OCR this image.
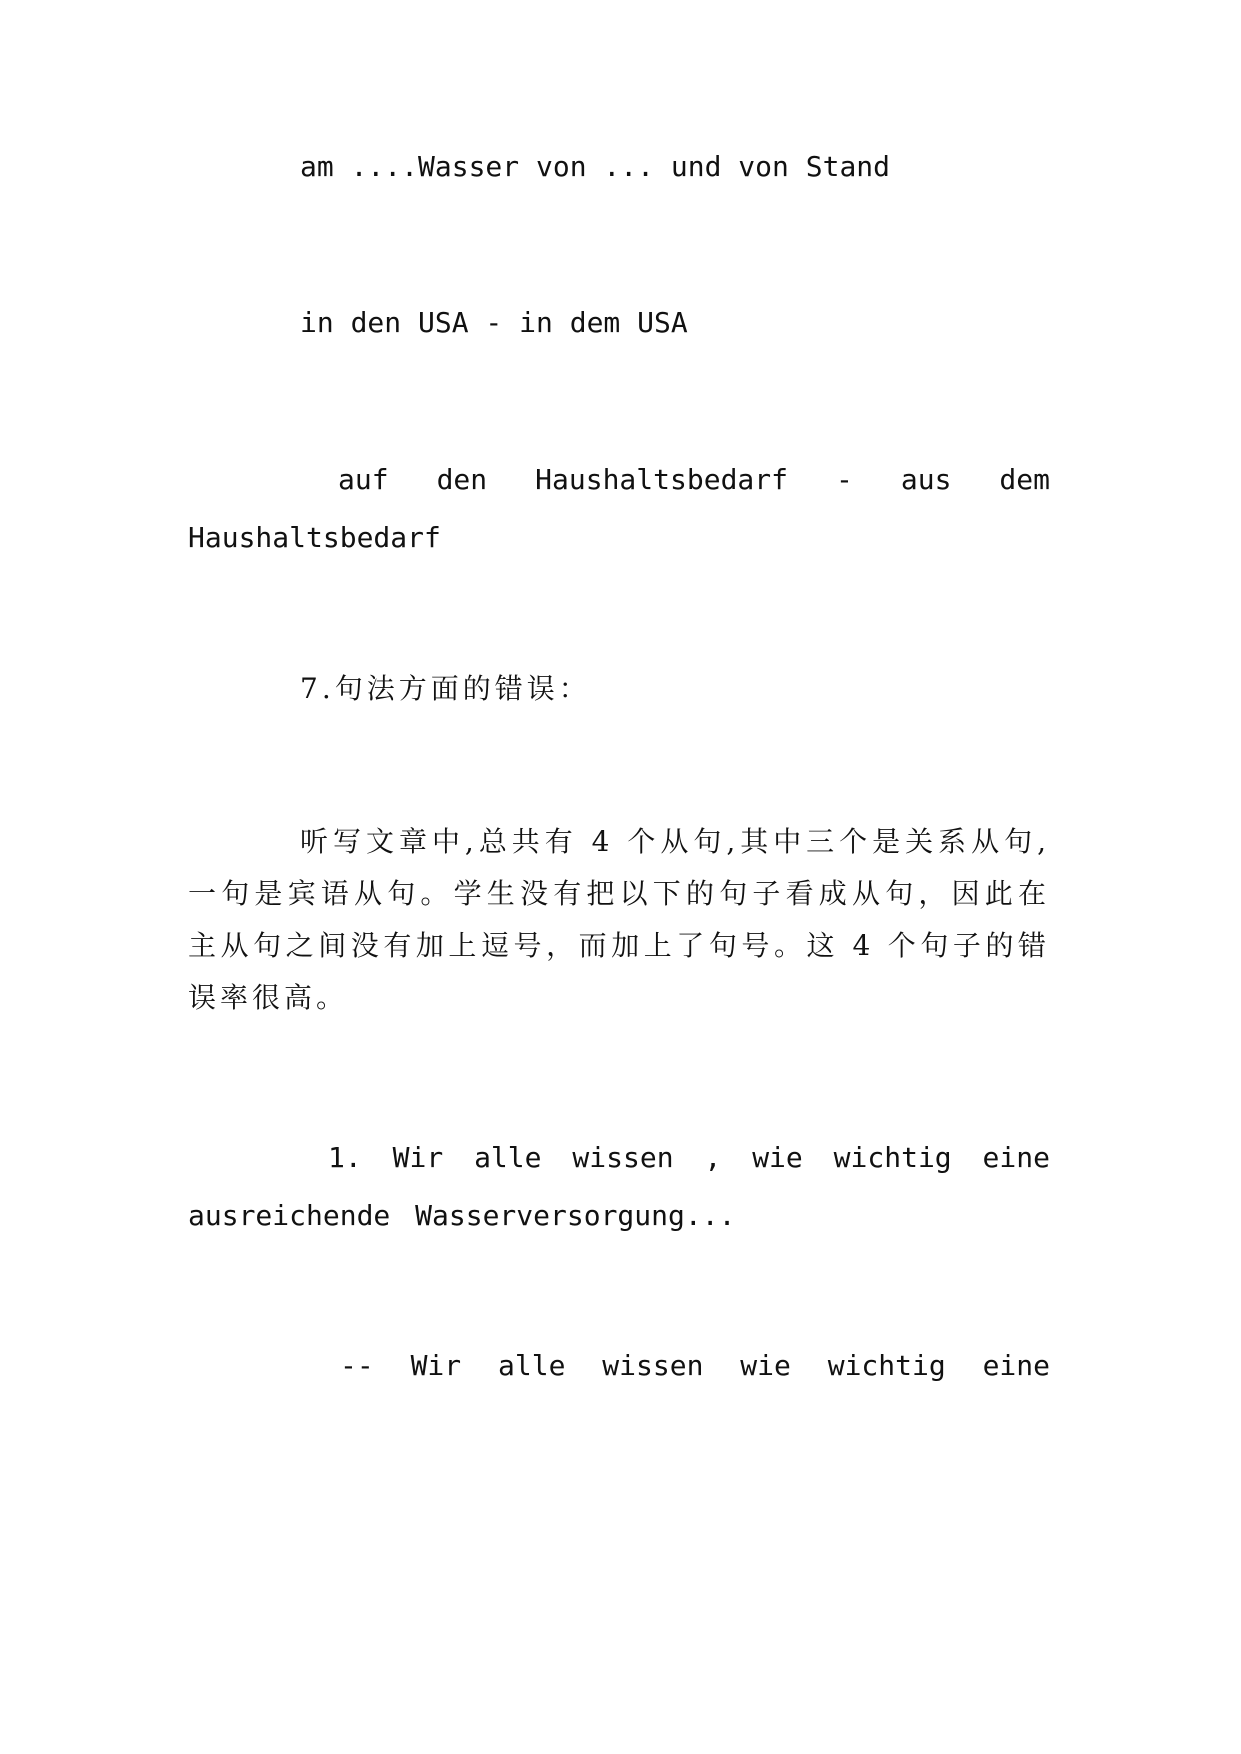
am ....Wasser von ... und von Stand

in den USA - in dem USA

auf den Haushaltsbedarf - aus dem Haushaltsbedarf

7.句法方面的错误：

听写文章中,总共有 4 个从句,其中三个是关系从句,一句是宾语从句。学生没有把以下的句子看成从句，因此在主从句之间没有加上逗号，而加上了句号。这 4 个句子的错误率很高。

1. Wir alle wissen , wie wichtig eine ausreichende Wasserversorgung...

-- Wir alle wissen wie wichtig eine
